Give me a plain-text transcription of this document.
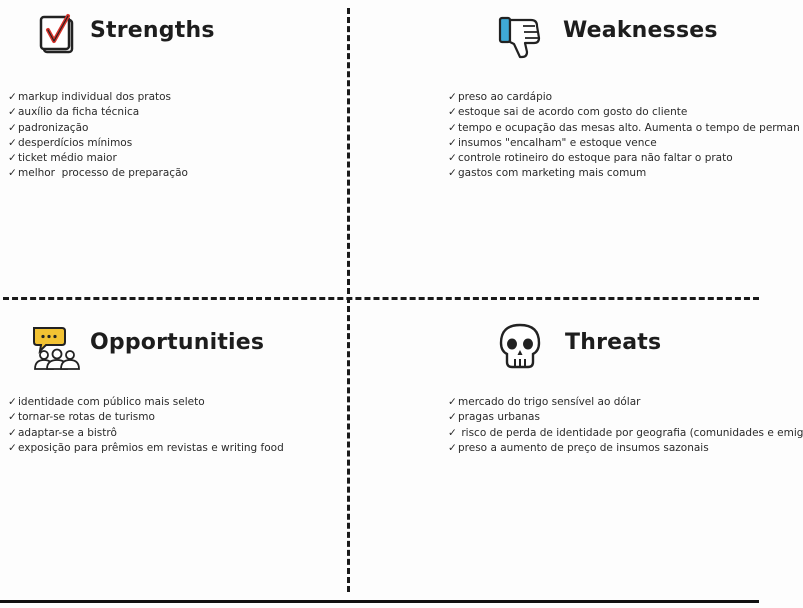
Strengths
✓ markup individual dos pratos
✓ auxílio da ficha técnica
✓ padronização
✓ desperdícios mínimos
✓ ticket médio maior
✓ melhor  processo de preparação
Weaknesses
✓ preso ao cardápio
✓ estoque sai de acordo com gosto do cliente
✓ tempo e ocupação das mesas alto. Aumenta o tempo de perman
✓ insumos "encalham" e estoque vence
✓ controle rotineiro do estoque para não faltar o prato
✓ gastos com marketing mais comum
Opportunities
✓ identidade com público mais seleto
✓ tornar-se rotas de turismo
✓ adaptar-se a bistrô
✓ exposição para prêmios em revistas e writing food
Threats
✓ mercado do trigo sensível ao dólar
✓ pragas urbanas
✓ risco de perda de identidade por geografia (comunidades e emig
✓ preso a aumento de preço de insumos sazonais
